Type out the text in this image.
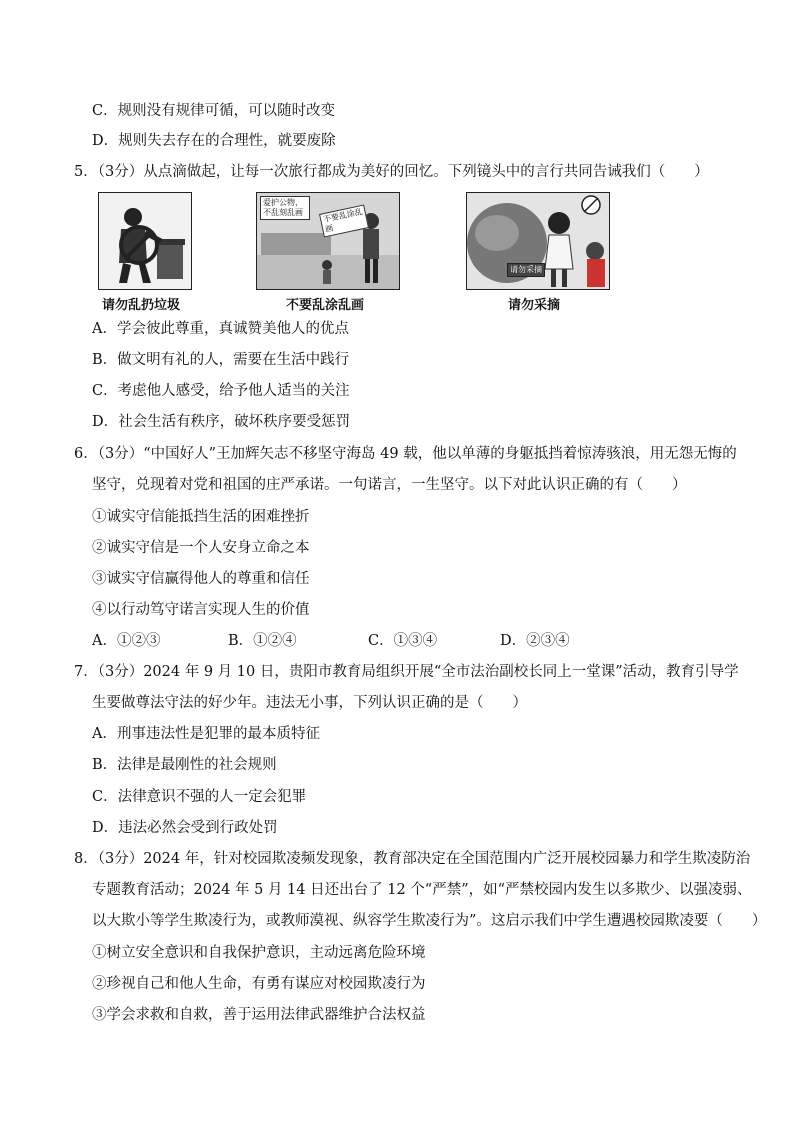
C．规则没有规律可循，可以随时改变
D．规则失去存在的合理性，就要废除
5．（3分）从点滴做起，让每一次旅行都成为美好的回忆。下列镜头中的言行共同告诫我们（　　）
请勿乱扔垃圾
爱护公物，不乱刻乱画	不要乱涂乱画
不要乱涂乱画
请勿采摘
请勿采摘
A．学会彼此尊重，真诚赞美他人的优点
B．做文明有礼的人，需要在生活中践行
C．考虑他人感受，给予他人适当的关注
D．社会生活有秩序，破坏秩序要受惩罚
6．（3分）“中国好人”王加辉矢志不移坚守海岛 49 载，他以单薄的身躯抵挡着惊涛骇浪，用无怨无悔的
坚守，兑现着对党和祖国的庄严承诺。一句诺言，一生坚守。以下对此认识正确的有（　　）
①诚实守信能抵挡生活的困难挫折
②诚实守信是一个人安身立命之本
③诚实守信赢得他人的尊重和信任
④以行动笃守诺言实现人生的价值
A．①②③	B．①②④	C．①③④	D．②③④
7．（3分）2024 年 9 月 10 日，贵阳市教育局组织开展“全市法治副校长同上一堂课”活动，教育引导学
生要做尊法守法的好少年。违法无小事，下列认识正确的是（　　）
A．刑事违法性是犯罪的最本质特征
B．法律是最刚性的社会规则
C．法律意识不强的人一定会犯罪
D．违法必然会受到行政处罚
8．（3分）2024 年，针对校园欺凌频发现象，教育部决定在全国范围内广泛开展校园暴力和学生欺凌防治
专题教育活动；2024 年 5 月 14 日还出台了 12 个“严禁”，如“严禁校园内发生以多欺少、以强凌弱、
以大欺小等学生欺凌行为，或教师漠视、纵容学生欺凌行为”。这启示我们中学生遭遇校园欺凌要（　　）
①树立安全意识和自我保护意识，主动远离危险环境
②珍视自己和他人生命，有勇有谋应对校园欺凌行为
③学会求救和自救，善于运用法律武器维护合法权益
